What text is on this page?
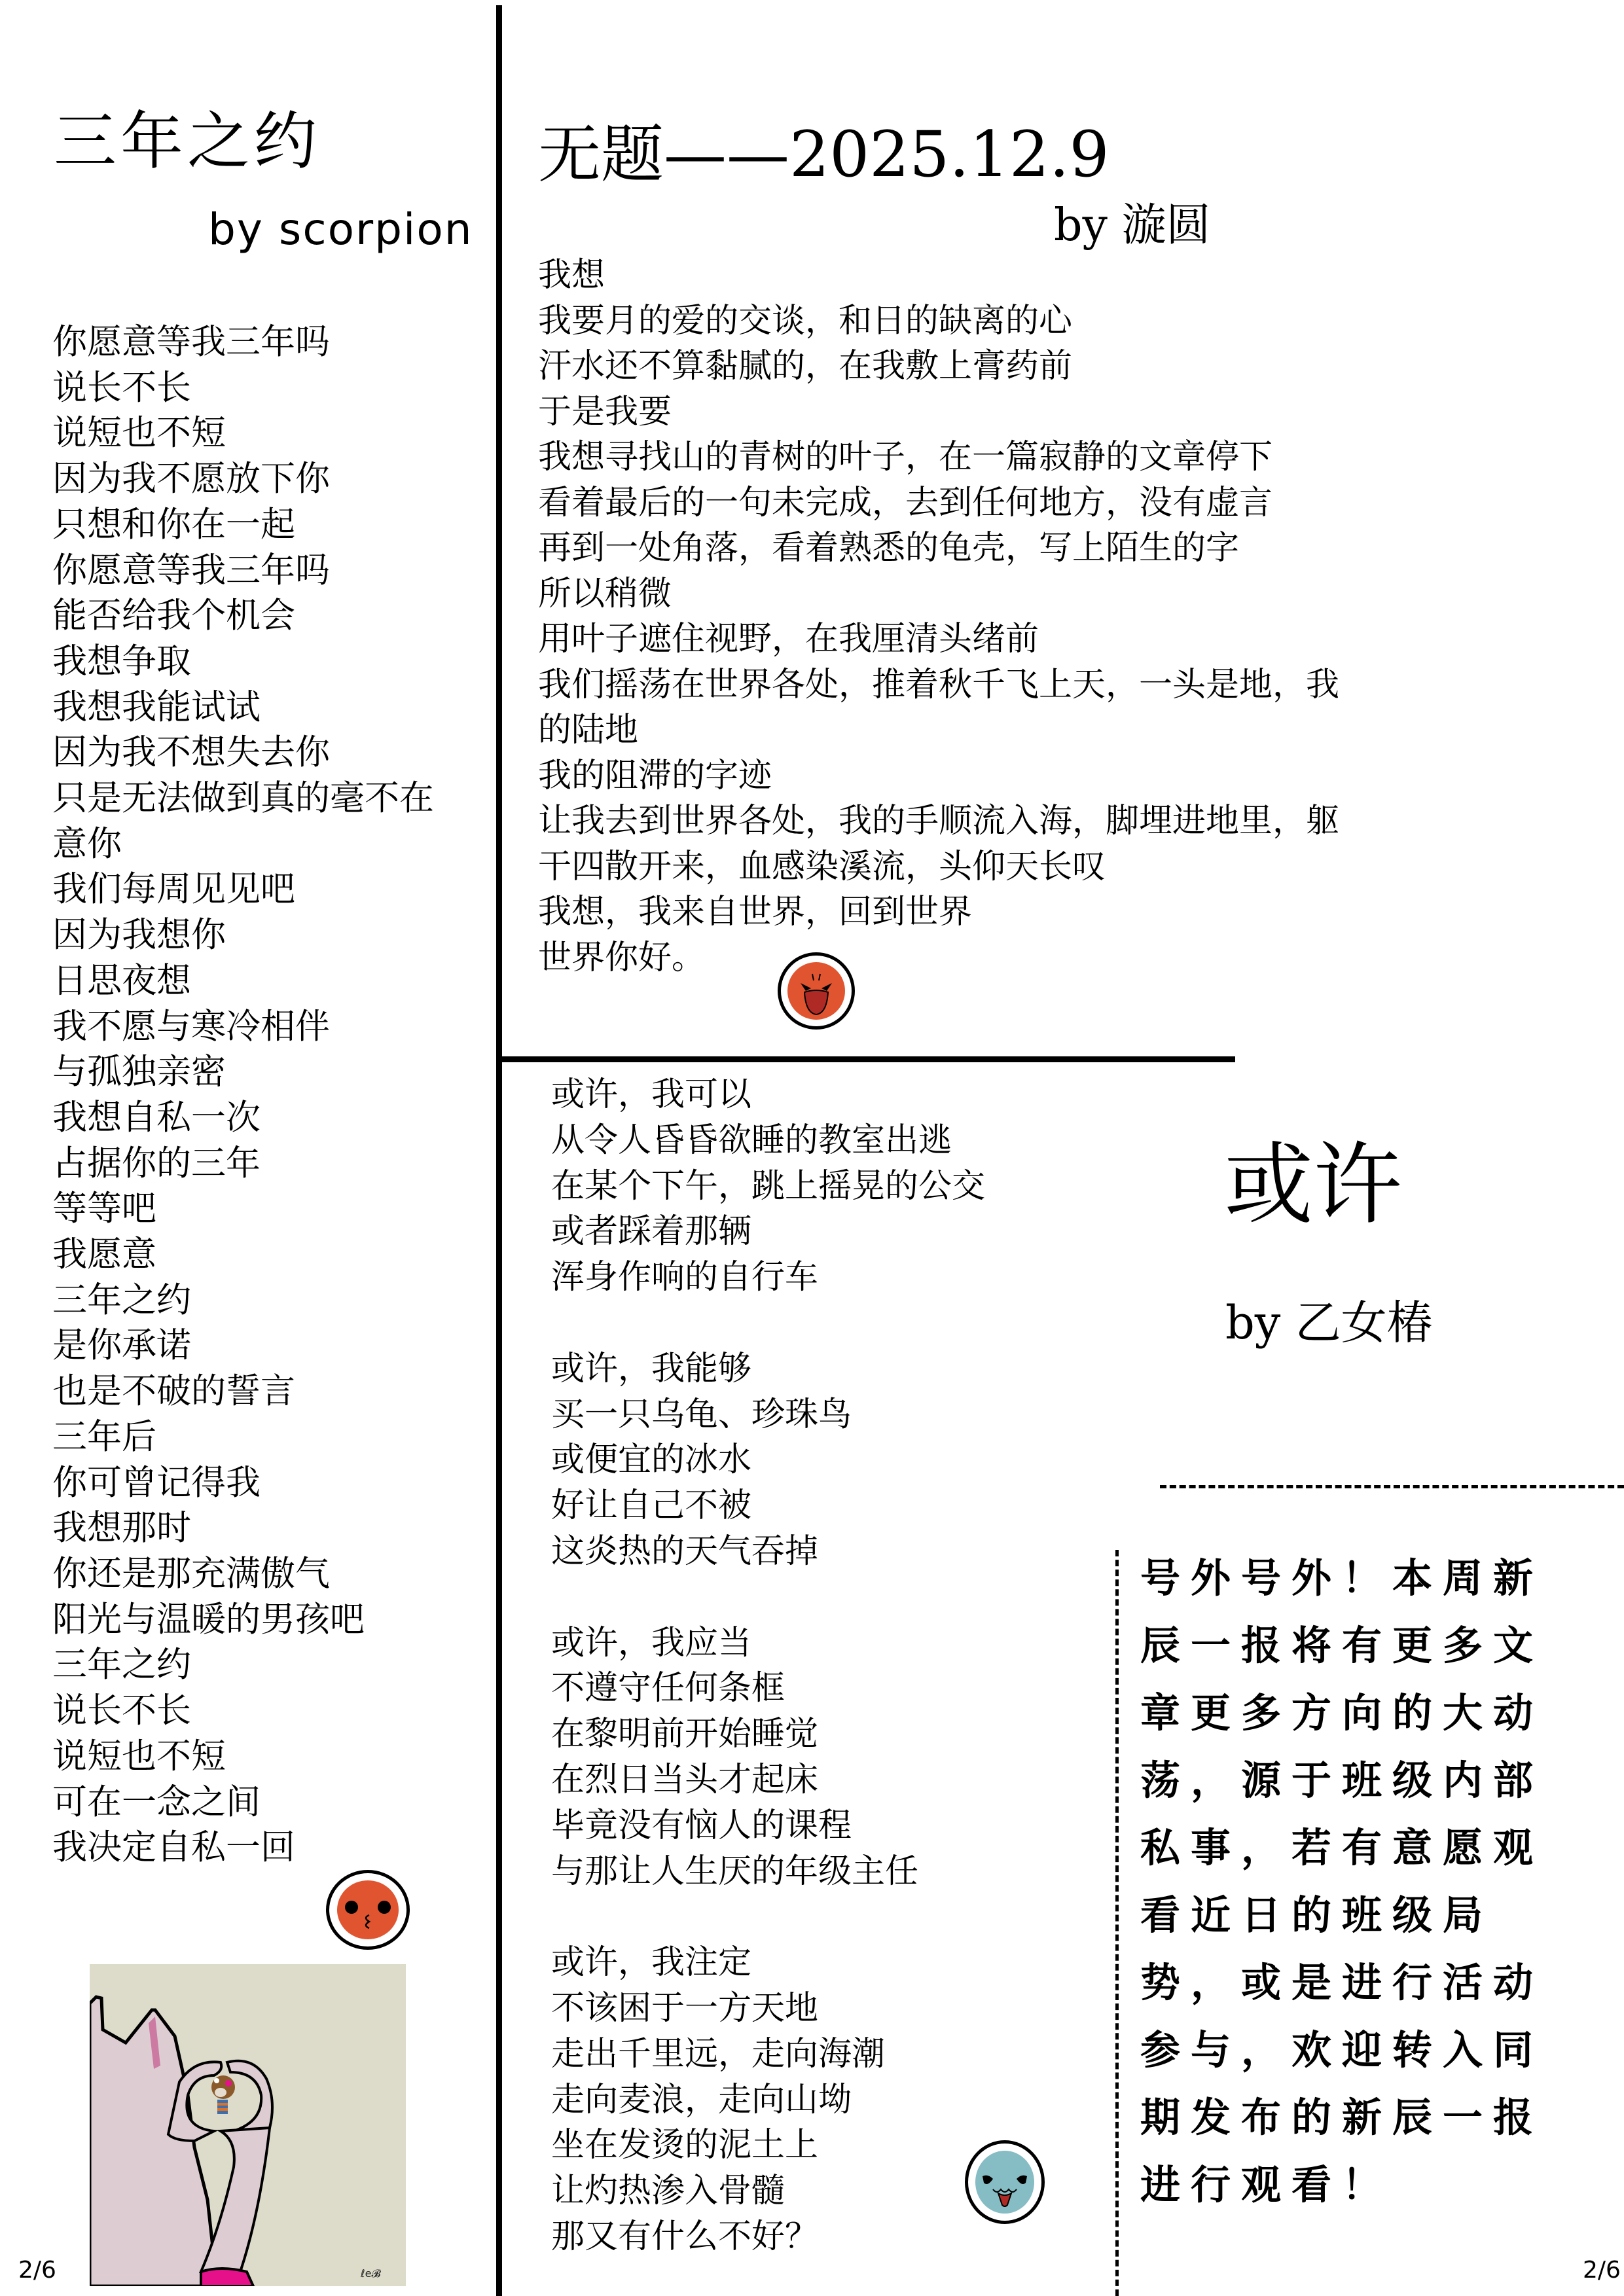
三年之约
by scorpion
你愿意等我三年吗
说长不长
说短也不短
因为我不愿放下你
只想和你在一起
你愿意等我三年吗
能否给我个机会
我想争取
我想我能试试
因为我不想失去你
只是无法做到真的毫不在
意你
我们每周见见吧
因为我想你
日思夜想
我不愿与寒冷相伴
与孤独亲密
我想自私一次
占据你的三年
等等吧
我愿意
三年之约
是你承诺
也是不破的誓言
三年后
你可曾记得我
我想那时
你还是那充满傲气
阳光与温暖的男孩吧
三年之约
说长不长
说短也不短
可在一念之间
我决定自私一回
无题——2025.12.9
by 漩圆
我想
我要月的爱的交谈，和日的缺离的心
汗水还不算黏腻的，在我敷上膏药前
于是我要
我想寻找山的青树的叶子，在一篇寂静的文章停下
看着最后的一句未完成，去到任何地方，没有虚言
再到一处角落，看着熟悉的龟壳，写上陌生的字
所以稍微
用叶子遮住视野，在我厘清头绪前
我们摇荡在世界各处，推着秋千飞上天，一头是地，我
的陆地
我的阻滞的字迹
让我去到世界各处，我的手顺流入海，脚埋进地里，躯
干四散开来，血感染溪流，头仰天长叹
我想，我来自世界，回到世界
世界你好。
或许，我可以
从令人昏昏欲睡的教室出逃
在某个下午，跳上摇晃的公交
或者踩着那辆
浑身作响的自行车

或许，我能够
买一只乌龟、珍珠鸟
或便宜的冰水
好让自己不被
这炎热的天气吞掉

或许，我应当
不遵守任何条框
在黎明前开始睡觉
在烈日当头才起床
毕竟没有恼人的课程
与那让人生厌的年级主任

或许，我注定
不该困于一方天地
走出千里远，走向海潮
走向麦浪，走向山坳
坐在发烫的泥土上
让灼热渗入骨髓
那又有什么不好？
或许
by 乙女椿
号外号外！本周新
辰一报将有更多文
章更多方向的大动
荡，源于班级内部
私事，若有意愿观
看近日的班级局
势，或是进行活动
参与，欢迎转入同
期发布的新辰一报
进行观看！
ℓe𝓑
2/6	2/6
